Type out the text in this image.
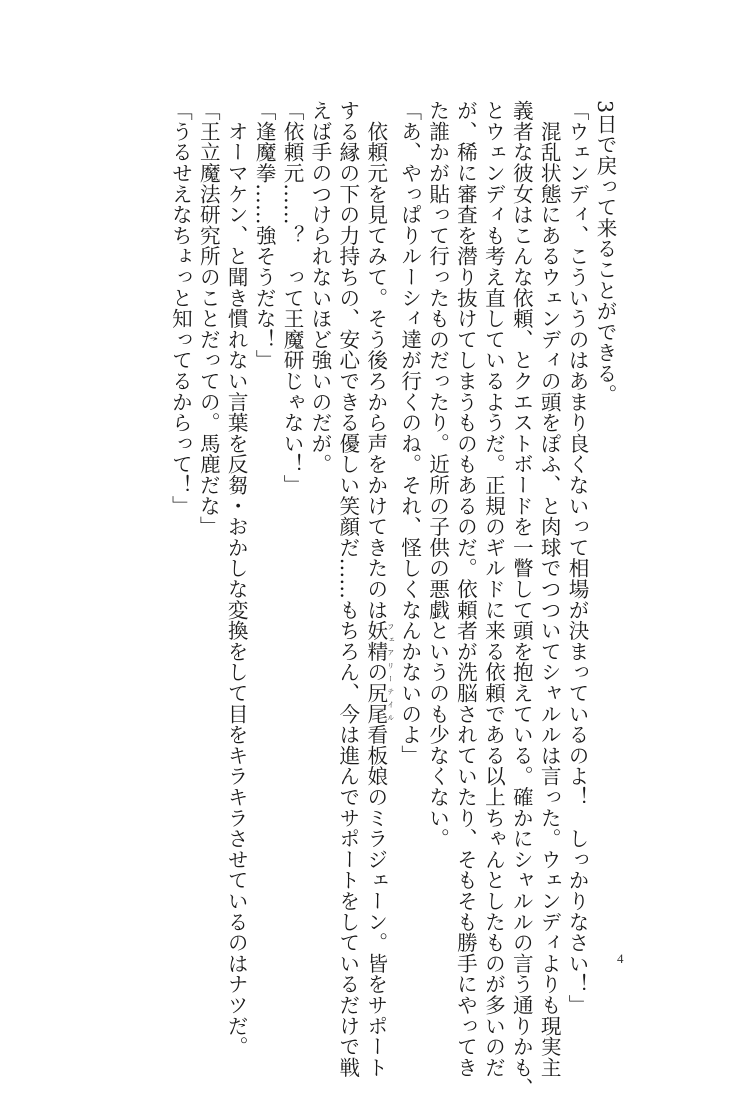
3日で戻って来ることができる。

「ウェンディ、こういうのはあまり良くないって相場が決まっているのよ！　しっかりなさい！」

　混乱状態にあるウェンディの頭をぽふ、と肉球でつついてシャルルは言った。ウェンディよりも現実主

義者な彼女はこんな依頼、とクエストボードを一瞥して頭を抱えている。確かにシャルルの言う通りかも、

とウェンディも考え直しているようだ。正規のギルドに来る依頼である以上ちゃんとしたものが多いのだ

が、稀に審査を潜り抜けてしまうものもあるのだ。依頼者が洗脳されていたり、そもそも勝手にやってき

た誰かが貼って行ったものだったり。近所の子供の悪戯というのも少なくない。

「あ、やっぱりルーシィ達が行くのね。それ、怪しくなんかないのよ」

　依頼元を見てみて。そう後ろから声をかけてきたのは妖精の尻尾 フェアリーテイル看板娘のミラジェーン。皆をサポート

する縁の下の力持ちの、安心できる優しい笑顔だ……もちろん、今は進んでサポートをしているだけで戦

えば手のつけられないほど強いのだが。

「依頼元……？　って王魔研じゃない！」

「逢魔拳……強そうだな！」

　オーマケン、と聞き慣れない言葉を反芻・おかしな変換をして目をキラキラさせているのはナツだ。

「王立魔法研究所のことだっての。馬鹿だな」

「うるせえなちょっと知ってるからって！」

4
